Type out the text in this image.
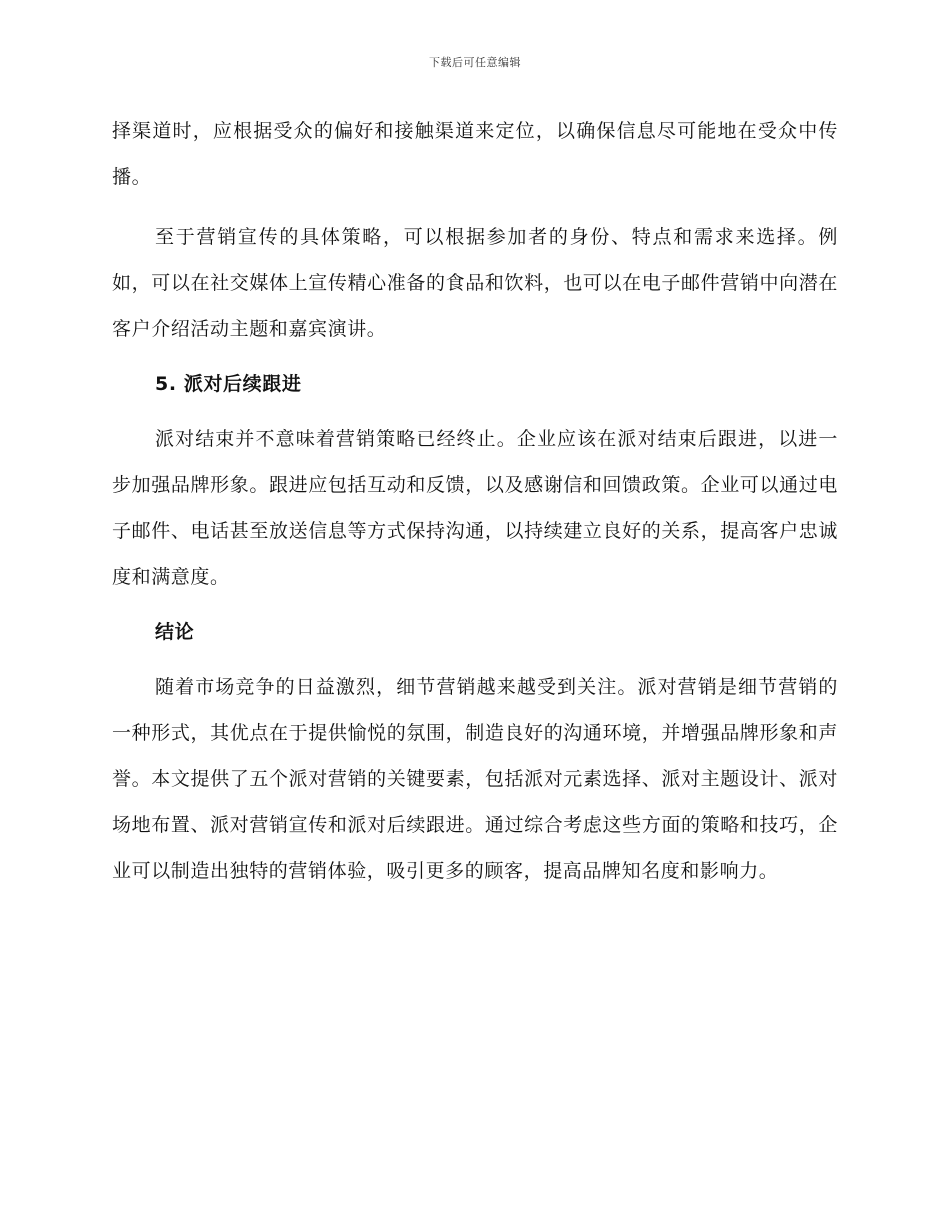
下载后可任意编辑

择渠道时，应根据受众的偏好和接触渠道来定位，以确保信息尽可能地在受众中传播。

至于营销宣传的具体策略，可以根据参加者的身份、特点和需求来选择。例如，可以在社交媒体上宣传精心准备的食品和饮料，也可以在电子邮件营销中向潜在客户介绍活动主题和嘉宾演讲。

5. 派对后续跟进

派对结束并不意味着营销策略已经终止。企业应该在派对结束后跟进，以进一步加强品牌形象。跟进应包括互动和反馈，以及感谢信和回馈政策。企业可以通过电子邮件、电话甚至放送信息等方式保持沟通，以持续建立良好的关系，提高客户忠诚度和满意度。

结论

随着市场竞争的日益激烈，细节营销越来越受到关注。派对营销是细节营销的一种形式，其优点在于提供愉悦的氛围，制造良好的沟通环境，并增强品牌形象和声誉。本文提供了五个派对营销的关键要素，包括派对元素选择、派对主题设计、派对场地布置、派对营销宣传和派对后续跟进。通过综合考虑这些方面的策略和技巧，企业可以制造出独特的营销体验，吸引更多的顾客，提高品牌知名度和影响力。
